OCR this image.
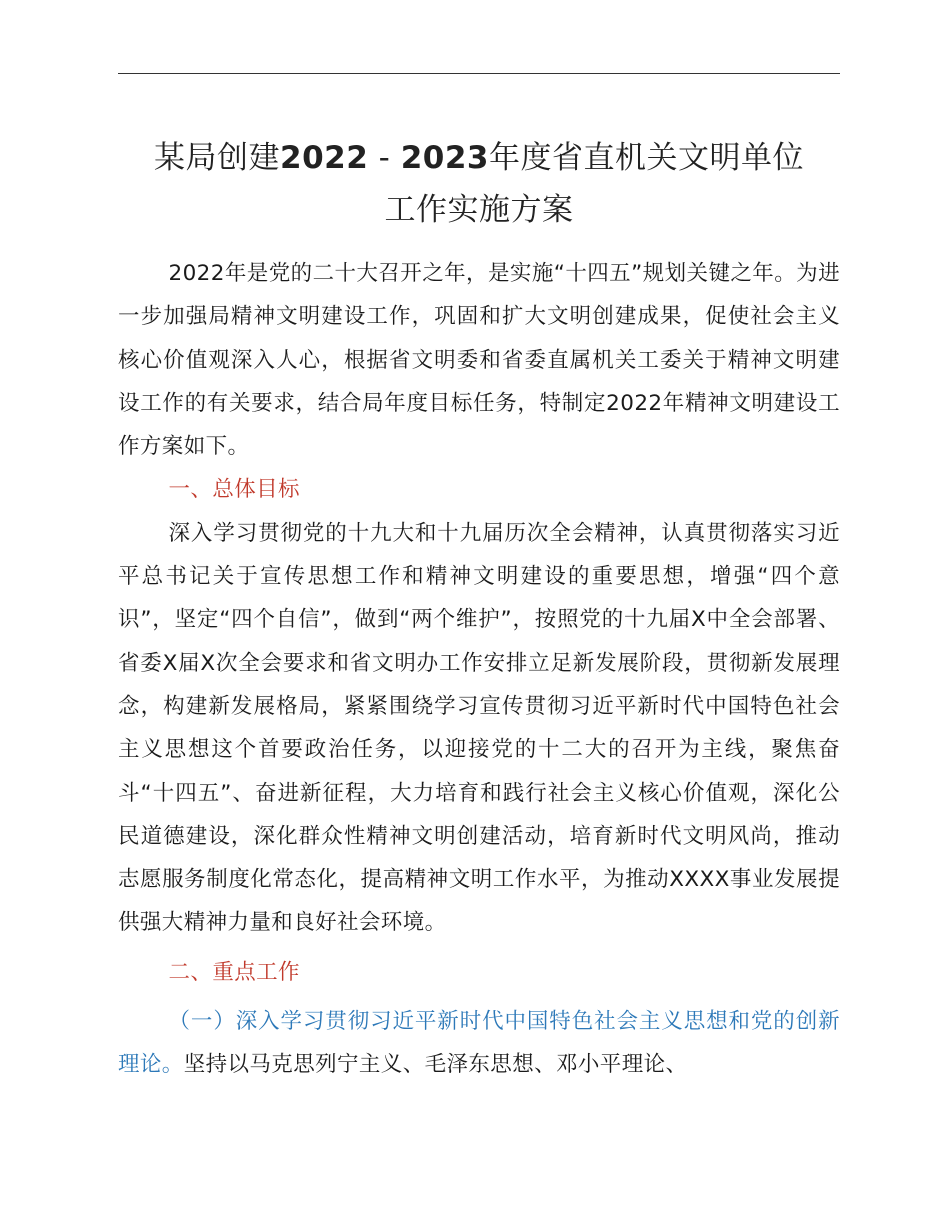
某局创建2022 - 2023年度省直机关文明单位
工作实施方案

2022年是党的二十大召开之年，是实施“十四五”规划关键之年。为进一步加强局精神文明建设工作，巩固和扩大文明创建成果，促使社会主义核心价值观深入人心，根据省文明委和省委直属机关工委关于精神文明建设工作的有关要求，结合局年度目标任务，特制定2022年精神文明建设工作方案如下。

一、总体目标

深入学习贯彻党的十九大和十九届历次全会精神，认真贯彻落实习近平总书记关于宣传思想工作和精神文明建设的重要思想，增强“四个意识”，坚定“四个自信”，做到“两个维护”，按照党的十九届X中全会部署、省委X届X次全会要求和省文明办工作安排立足新发展阶段，贯彻新发展理念，构建新发展格局，紧紧围绕学习宣传贯彻习近平新时代中国特色社会主义思想这个首要政治任务，以迎接党的十二大的召开为主线，聚焦奋斗“十四五”、奋进新征程，大力培育和践行社会主义核心价值观，深化公民道德建设，深化群众性精神文明创建活动，培育新时代文明风尚，推动志愿服务制度化常态化，提高精神文明工作水平，为推动XXXX事业发展提供强大精神力量和良好社会环境。

二、重点工作

（一）深入学习贯彻习近平新时代中国特色社会主义思想和党的创新理论。坚持以马克思列宁主义、毛泽东思想、邓小平理论、
